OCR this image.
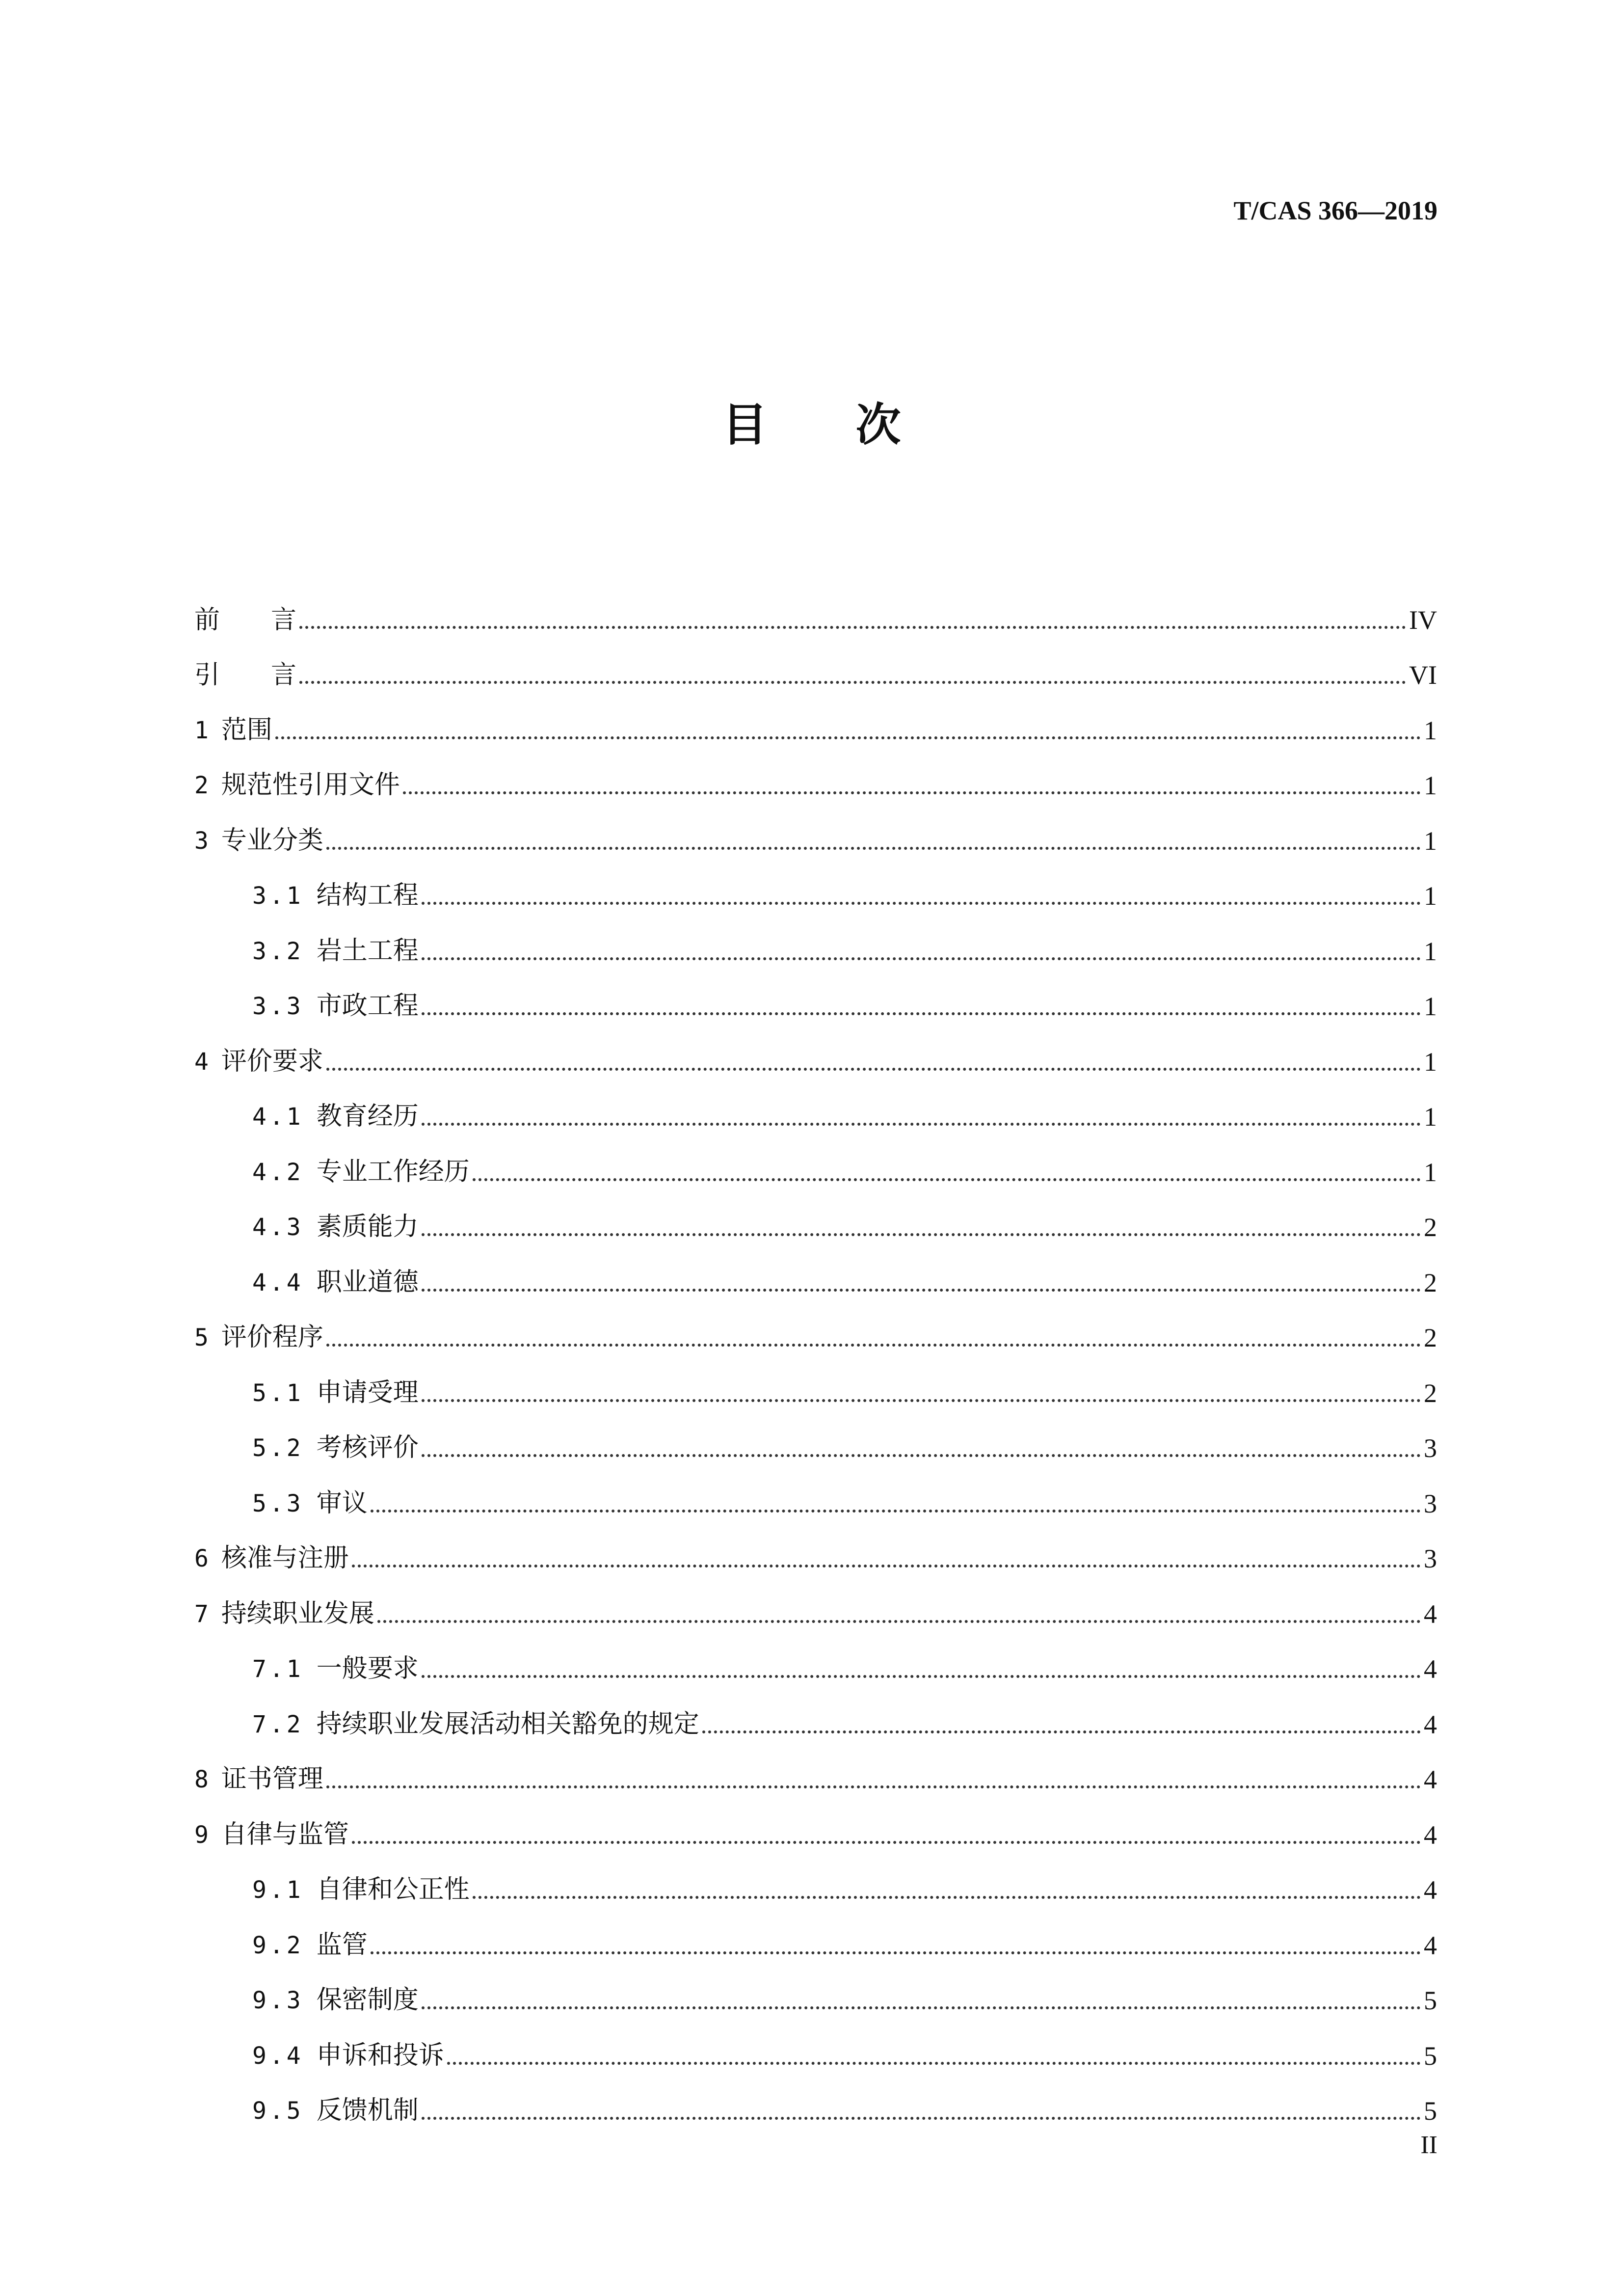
T/CAS 366—2019
目 次
前 言	IV
引 言	VI
1 范围	1
2 规范性引用文件	1
3 专业分类	1
3.1 结构工程	1
3.2 岩土工程	1
3.3 市政工程	1
4 评价要求	1
4.1 教育经历	1
4.2 专业工作经历	1
4.3 素质能力	2
4.4 职业道德	2
5 评价程序	2
5.1 申请受理	2
5.2 考核评价	3
5.3 审议	3
6 核准与注册	3
7 持续职业发展	4
7.1 一般要求	4
7.2 持续职业发展活动相关豁免的规定	4
8 证书管理	4
9 自律与监管	4
9.1 自律和公正性	4
9.2 监管	4
9.3 保密制度	5
9.4 申诉和投诉	5
9.5 反馈机制	5
II
